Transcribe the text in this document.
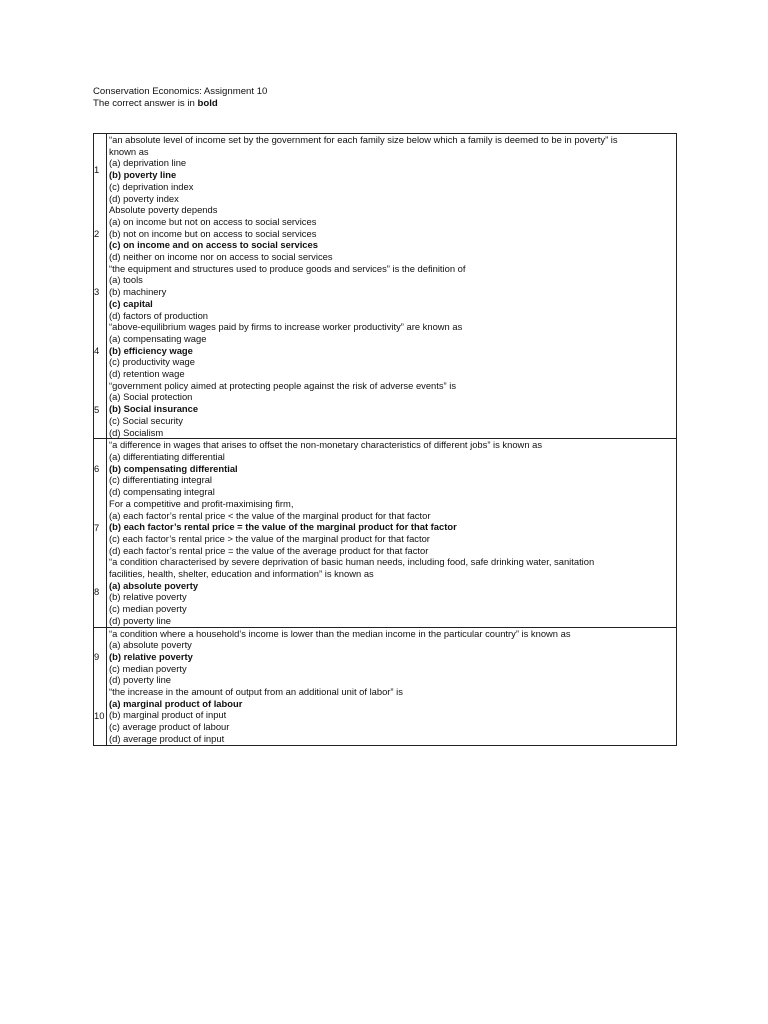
Conservation Economics: Assignment 10
The correct answer is in bold
1
“an absolute level of income set by the government for each family size below which a family is deemed to be in poverty” is
known as
(a) deprivation line
(b) poverty line
(c) deprivation index
(d) poverty index
2
Absolute poverty depends
(a) on income but not on access to social services
(b) not on income but on access to social services
(c) on income and on access to social services
(d) neither on income nor on access to social services
3
“the equipment and structures used to produce goods and services” is the definition of
(a) tools
(b) machinery
(c) capital
(d) factors of production
4
“above-equilibrium wages paid by firms to increase worker productivity” are known as
(a) compensating wage
(b) efficiency wage
(c) productivity wage
(d) retention wage
5
“government policy aimed at protecting people against the risk of adverse events” is
(a) Social protection
(b) Social insurance
(c) Social security
(d) Socialism
6
“a difference in wages that arises to offset the non-monetary characteristics of different jobs” is known as
(a) differentiating differential
(b) compensating differential
(c) differentiating integral
(d) compensating integral
7
For a competitive and profit-maximising firm,
(a) each factor’s rental price < the value of the marginal product for that factor
(b) each factor’s rental price = the value of the marginal product for that factor
(c) each factor’s rental price > the value of the marginal product for that factor
(d) each factor’s rental price = the value of the average product for that factor
8
“a condition characterised by severe deprivation of basic human needs, including food, safe drinking water, sanitation
facilities, health, shelter, education and information” is known as
(a) absolute poverty
(b) relative poverty
(c) median poverty
(d) poverty line
9
“a condition where a household’s income is lower than the median income in the particular country” is known as
(a) absolute poverty
(b) relative poverty
(c) median poverty
(d) poverty line
10
“the increase in the amount of output from an additional unit of labor” is
(a) marginal product of labour
(b) marginal product of input
(c) average product of labour
(d) average product of input
